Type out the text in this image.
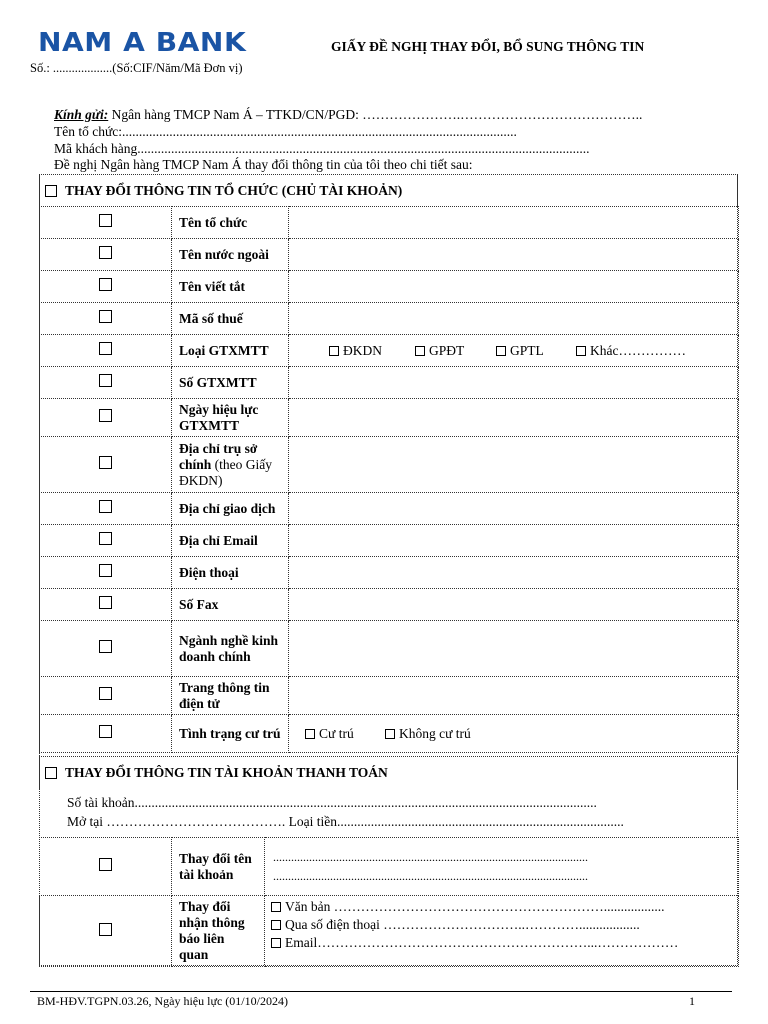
NAM A BANK	GIẤY ĐỀ NGHỊ THAY ĐỔI, BỔ SUNG THÔNG TIN
Số.: ...................(Số:CIF/Năm/Mã Đơn vị)
Kính gửi: Ngân hàng TMCP Nam Á – TTKD/CN/PGD: ………………….…………………………………..
Tên tổ chức:.....................................................................................................................
Mã khách hàng......................................................................................................................................
Đề nghị Ngân hàng TMCP Nam Á thay đổi thông tin của tôi theo chi tiết sau:
THAY ĐỔI THÔNG TIN TỔ CHỨC (CHỦ TÀI KHOẢN)
	Tên tổ chức	
	Tên nước ngoài	
	Tên viết tắt	
	Mã số thuế	
	Loại GTXMTT	ĐKDN GPĐT GPTL Khác……………

	Số GTXMTT	
	Ngày hiệu lực GTXMTT	
	Địa chỉ trụ sở chính (theo Giấy ĐKDN)	
	Địa chỉ giao dịch	
	Địa chỉ Email	
	Điện thoại	
	Số Fax	
	Ngành nghề kinh doanh chính	
	Trang thông tin điện tử	
	Tình trạng cư trú	Cư trú Không cư trú
THAY ĐỔI THÔNG TIN TÀI KHOẢN THANH TOÁN
Số tài khoản.........................................................................................................................................
Mở tại …………………………………. Loại tiền.....................................................................................
	Thay đổi tên tài khoản	.........................................................................................................
.........................................................................................................

	Thay đổi nhận thông báo liên quan	Văn bản ……………………………………………………..................
Qua số điện thoại …………………………..…………..................
Email……………………………………………………...………………
BM-HĐV.TGPN.03.26, Ngày hiệu lực (01/10/2024)	1
